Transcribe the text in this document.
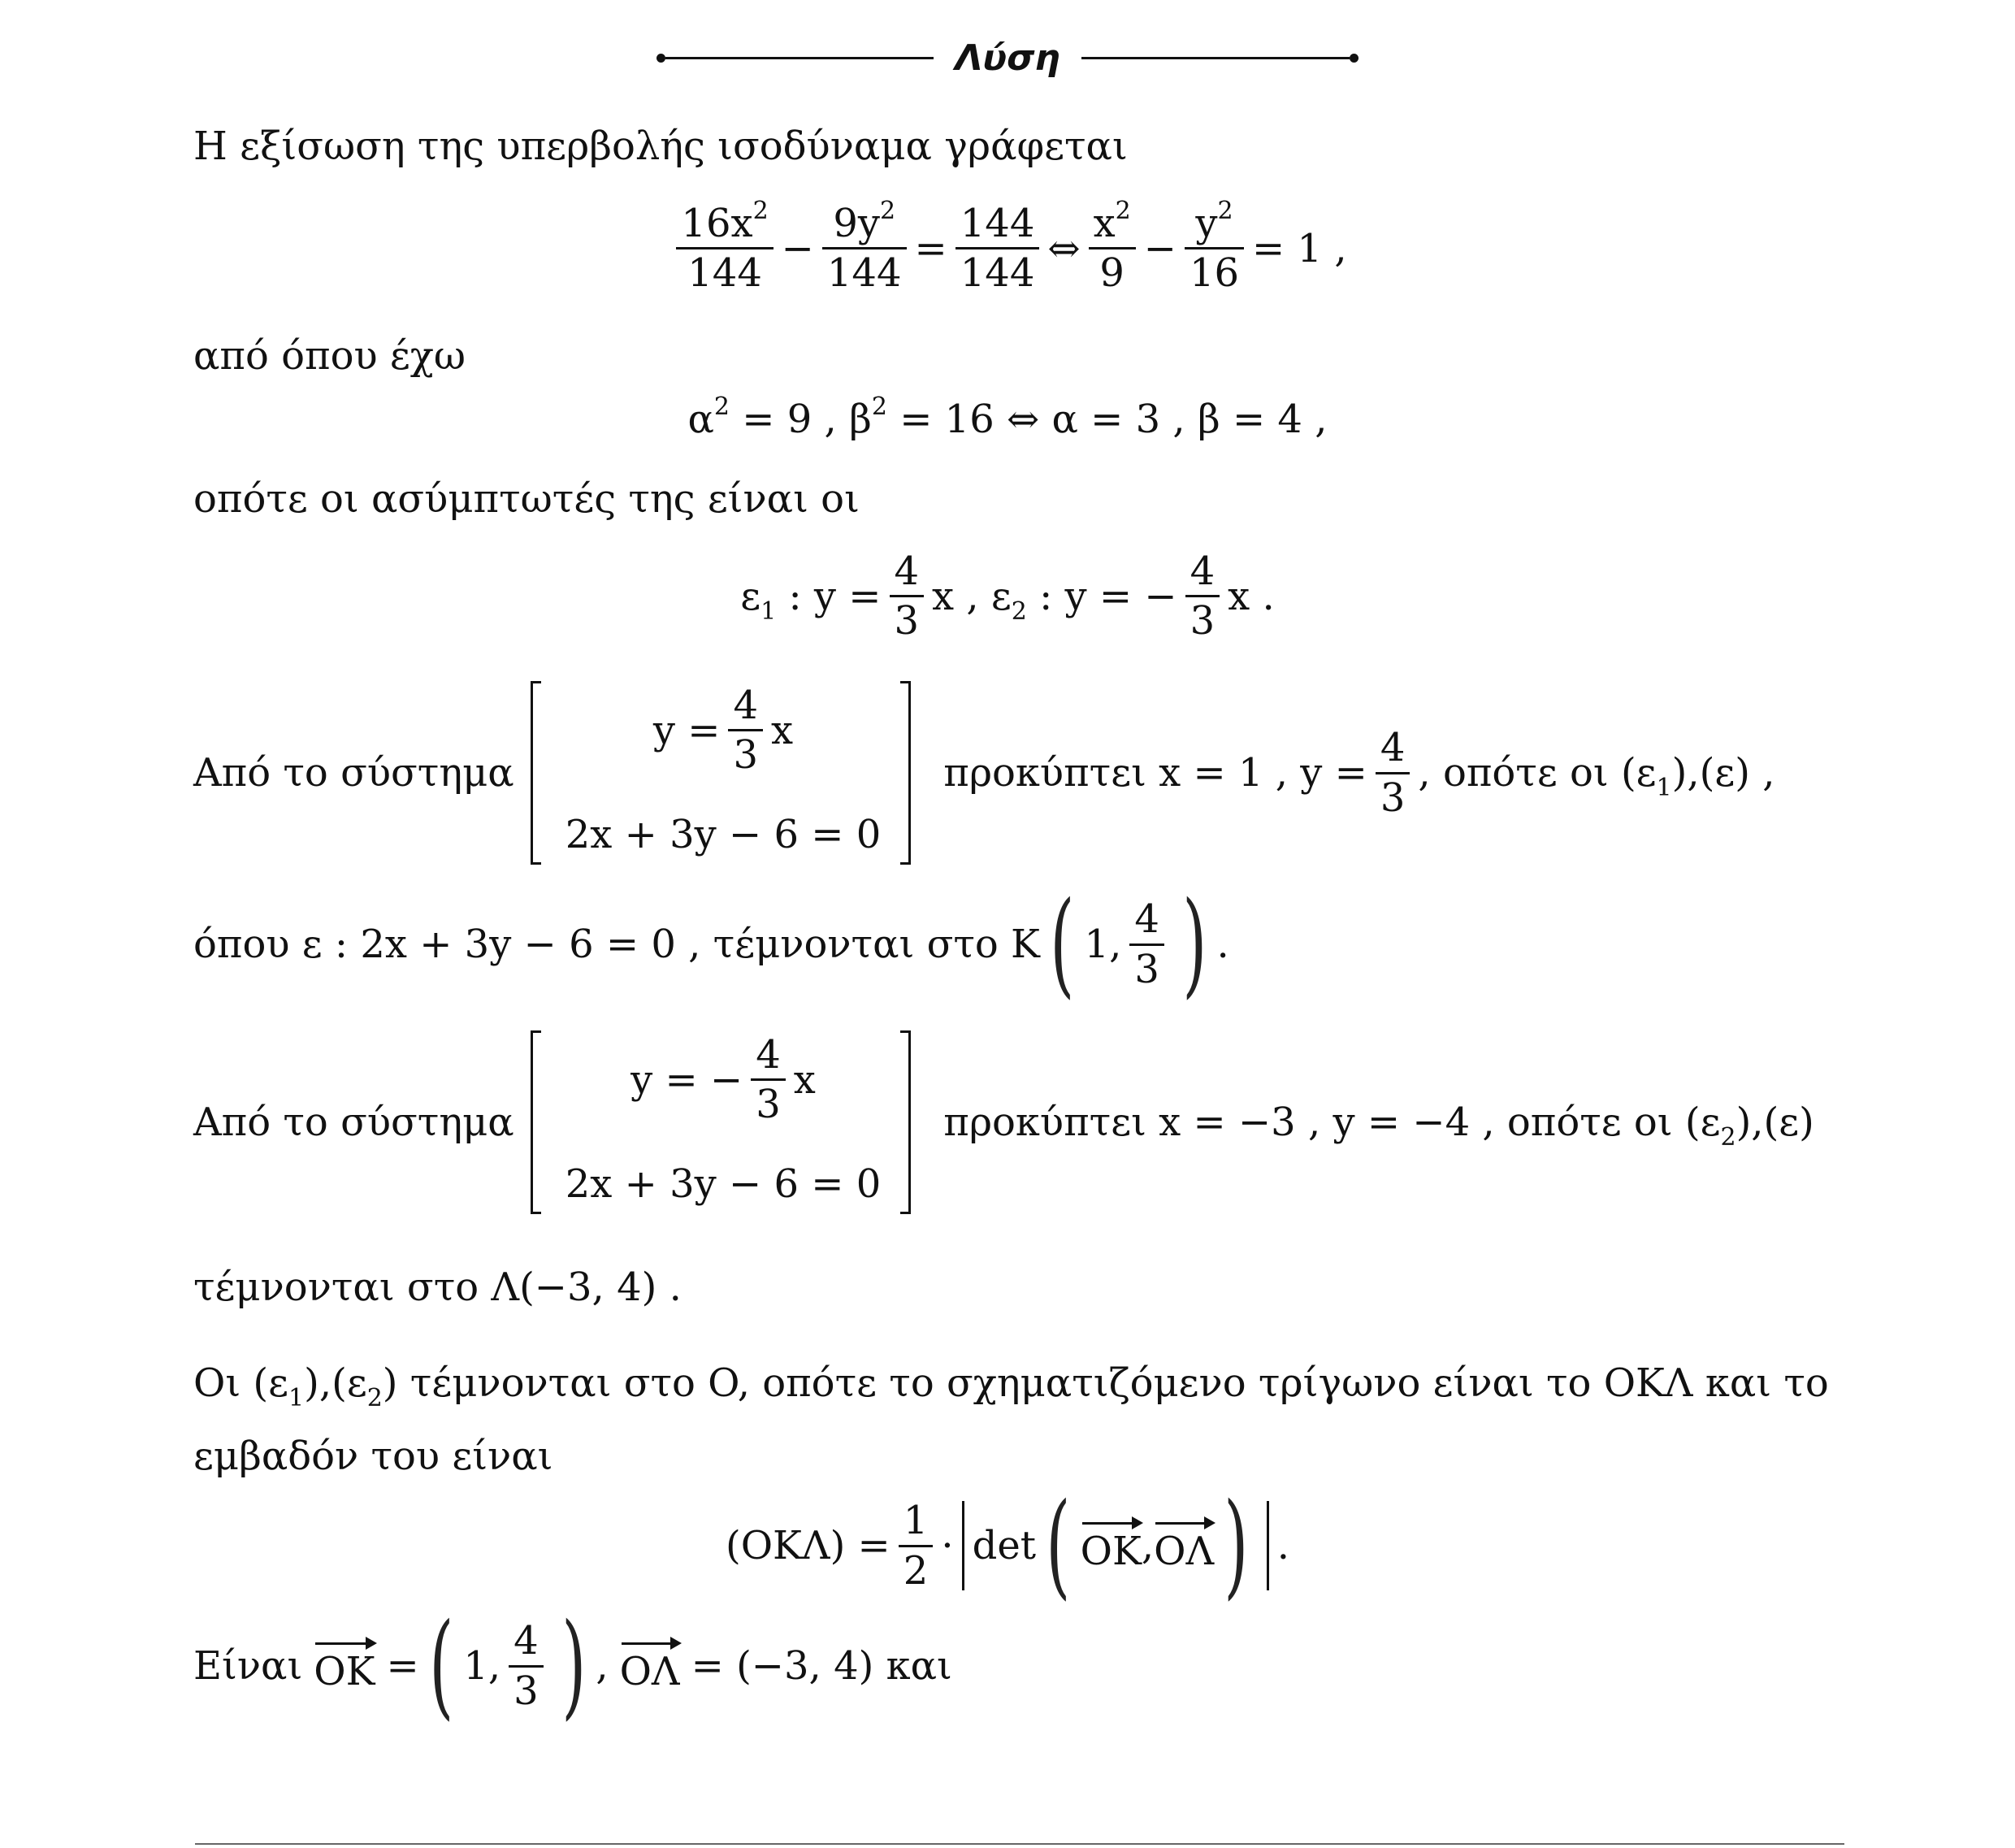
Λύση
Η εξίσωση της υπερβολής ισοδύναμα γράφεται
$\frac{16x^2}{144} - \frac{9y^2}{144} = \frac{144}{144}$ ⇔ $\frac{x^2}{9} - \frac{y^2}{16} = 1$ ,
από όπου έχω
$\alpha^2 = 9$ , $\beta^2 = 16$ ⇔ α = 3 , β = 4 ,
οπότε οι ασύμπτωτές της είναι οι
$\varepsilon_1$ : $y = \frac{4}{3}$ x , $\varepsilon_2$ : y = − $\frac{4}{3}$ x .
Από το σύστημα
$y = \frac{4}{3}$ x
2x + 3y − 6 = 0
προκύπτει x = 1 , $y = \frac{4}{3}$ , οπότε οι $(\varepsilon_1),(\varepsilon)$ ,
όπου ε : 2x + 3y − 6 = 0 , τέμνονται στο K ( 1, $\frac{4}{3}$ ) .
Από το σύστημα
y = − $\frac{4}{3}$ x
2x + 3y − 6 = 0
προκύπτει x = −3 , y = −4 , οπότε οι $(\varepsilon_2),(\varepsilon)$
τέμνονται στο Λ(−3, 4) .
Οι $(\varepsilon_1),(\varepsilon_2)$ τέμνονται στο O, οπότε το σχηματιζόμενο τρίγωνο είναι το ΟΚΛ και το
εμβαδόν του είναι
$(OK\Lambda) = \frac{1}{2} \cdot \det$ ( OK , OΛ ) .
Είναι OK = ( 1, $\frac{4}{3}$ ) , OΛ = (−3, 4) και
